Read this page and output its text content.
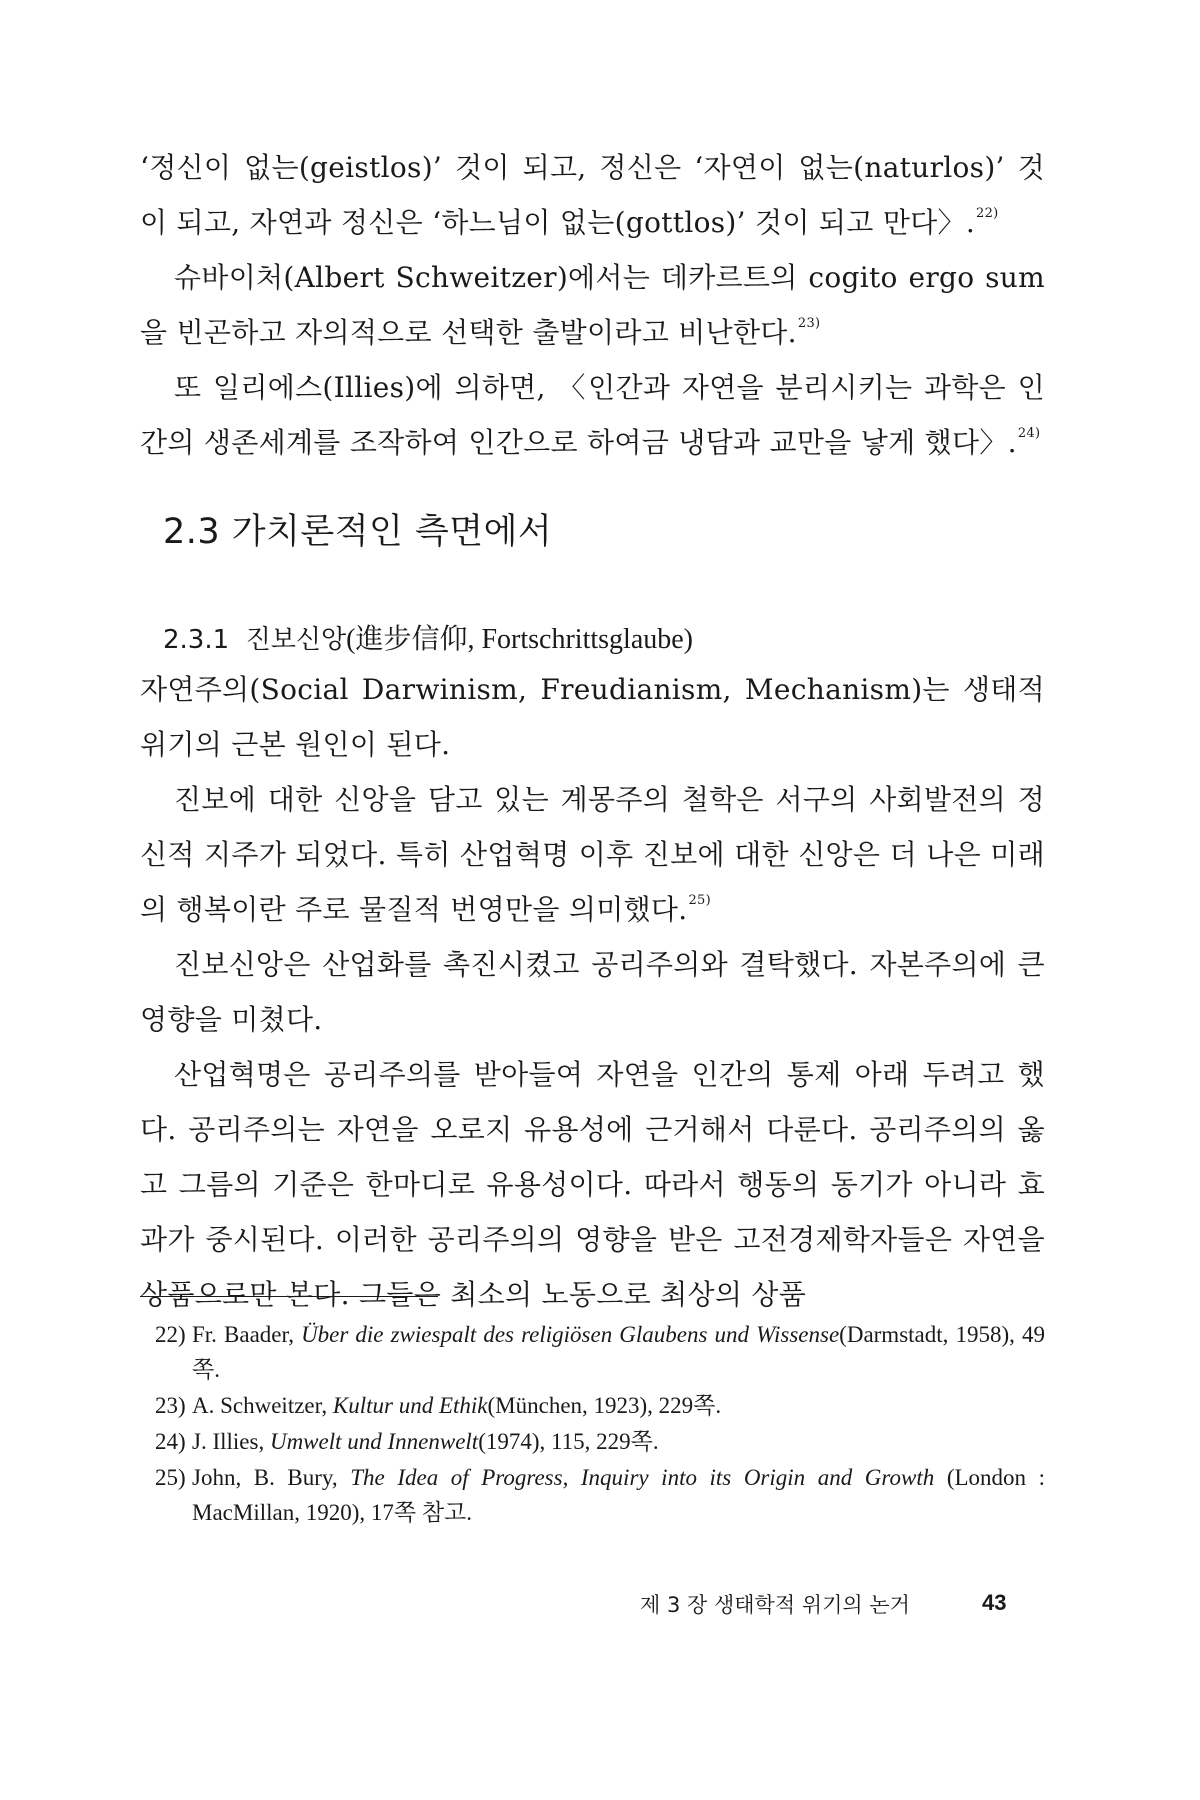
‘정신이 없는(geistlos)’ 것이 되고, 정신은 ‘자연이 없는(naturlos)’ 것이 되고, 자연과 정신은 ‘하느님이 없는(gottlos)’ 것이 되고 만다〉.$^{22)}$

슈바이처(Albert Schweitzer)에서는 데카르트의 cogito ergo sum을 빈곤하고 자의적으로 선택한 출발이라고 비난한다.$^{23)}$

또 일리에스(Illies)에 의하면, 〈인간과 자연을 분리시키는 과학은 인간의 생존세계를 조작하여 인간으로 하여금 냉담과 교만을 낳게 했다〉.$^{24)}$

2.3 가치론적인 측면에서
2.3.1 진보신앙(進步信仰, Fortschrittsglaube)

자연주의(Social Darwinism, Freudianism, Mechanism)는 생태적 위기의 근본 원인이 된다.

진보에 대한 신앙을 담고 있는 계몽주의 철학은 서구의 사회발전의 정신적 지주가 되었다. 특히 산업혁명 이후 진보에 대한 신앙은 더 나은 미래의 행복이란 주로 물질적 번영만을 의미했다.$^{25)}$

진보신앙은 산업화를 촉진시켰고 공리주의와 결탁했다. 자본주의에 큰 영향을 미쳤다.

산업혁명은 공리주의를 받아들여 자연을 인간의 통제 아래 두려고 했다. 공리주의는 자연을 오로지 유용성에 근거해서 다룬다. 공리주의의 옳고 그름의 기준은 한마디로 유용성이다. 따라서 행동의 동기가 아니라 효과가 중시된다. 이러한 공리주의의 영향을 받은 고전경제학자들은 자연을 상품으로만 본다. 그들은 최소의 노동으로 최상의 상품

22) Fr. Baader, Über die zwiespalt des religiösen Glaubens und Wissense(Darmstadt, 1958), 49쪽.
23) A. Schweitzer, Kultur und Ethik(München, 1923), 229쪽.
24) J. Illies, Umwelt und Innenwelt(1974), 115, 229쪽.
25) John, B. Bury, The Idea of Progress, Inquiry into its Origin and Growth (London : MacMillan, 1920), 17쪽 참고.
제 3 장 생태학적 위기의 논거	43
